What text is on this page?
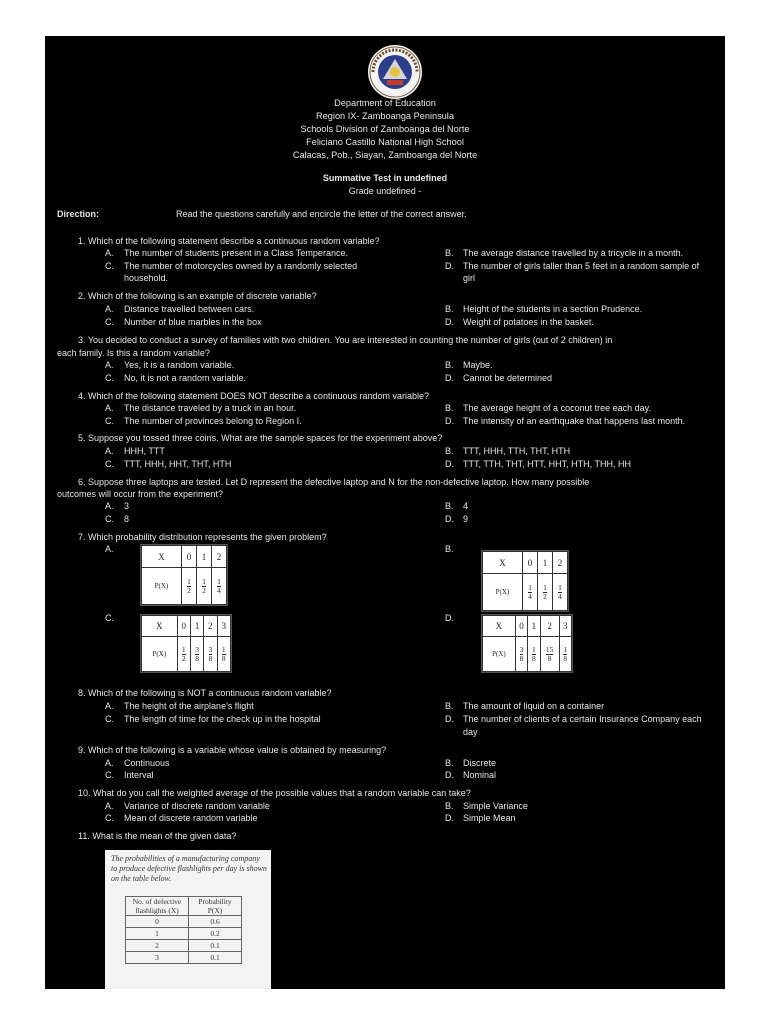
Department of Education
Region IX- Zamboanga Peninsula
Schools Division of Zamboanga del Norte
Feliciano Castillo National High School
Calacas, Pob., Siayan, Zamboanga del Norte
Summative Test in undefined
Grade undefined -
Direction:	Read the questions carefully and encircle the letter of the correct answer.
1. Which of the following statement describe a continuous random variable?
A. The number of students present in a Class Temperance.	B. The average distance travelled by a tricycle in a month.
C. The number of motorcycles owned by a randomly selected
household.
D. The number of girls taller than 5 feet in a random sample of
girl
2. Which of the following is an example of discrete variable?
A. Distance travelled between cars.	B. Height of the students in a section Prudence.
C. Number of blue marbles in the box	D. Weight of potatoes in the basket.
3. You decided to conduct a survey of families with two children. You are interested in counting the number of girls (out of 2 children) in
each family. Is this a random variable?
A. Yes, it is a random variable.	B. Maybe.
C. No, it is not a random variable.	D. Cannot be determined
4. Which of the following statement DOES NOT describe a continuous random variable?
A. The distance traveled by a truck in an hour.	B. The average height of a coconut tree each day.
C. The number of provinces belong to Region I.	D. The intensity of an earthquake that happens last month.
5. Suppose you tossed three coins. What are the sample spaces for the experiment above?
A. HHH, TTT	B. TTT, HHH, TTH, THT, HTH
C. TTT, HHH, HHT, THT, HTH	D. TTT, TTH, THT, HTT, HHT, HTH, THH, HH
6. Suppose three laptops are tested. Let D represent the defective laptop and N for the non-defective laptop. How many possible
outcomes will occur from the experiment?
A. 3	B. 4
C. 8	D. 9
7. Which probability distribution represents the given problem?
A.	B.
C.	D.
X	0	1	2
P(X)	$\frac{1}{2}$	$\frac{1}{2}$	$\frac{1}{4}$
X	0	1	2
P(X)	$\frac{1}{4}$	$\frac{1}{2}$	$\frac{1}{4}$
X	0	1	2	3
P(X)	$\frac{1}{2}$	$\frac{3}{8}$	$\frac{3}{8}$	$\frac{1}{8}$
X	0	1	2	3
P(X)	$\frac{3}{8}$	$\frac{1}{8}$	$\frac{15}{8}$	$\frac{1}{8}$
8. Which of the following is NOT a continuous random variable?
A. The height of the airplane's flight	B. The amount of liquid on a container
C. The length of time for the check up in the hospital	D. The number of clients of a certain Insurance Company each
day
9. Which of the following is a variable whose value is obtained by measuring?
A. Continuous	B. Discrete
C. Interval	D. Nominal
10. What do you call the weighted average of the possible values that a random variable can take?
A. Variance of discrete random variable	B. Simple Variance
C. Mean of discrete random variable	D. Simple Mean
11. What is the mean of the given data?
The probabilities of a manufacturing company to produce defective flashlights per day is shown on the table below.
No. of defective flashlights (X)	Probability P(X)
0	0.6
1	0.2
2	0.1
3	0.1
